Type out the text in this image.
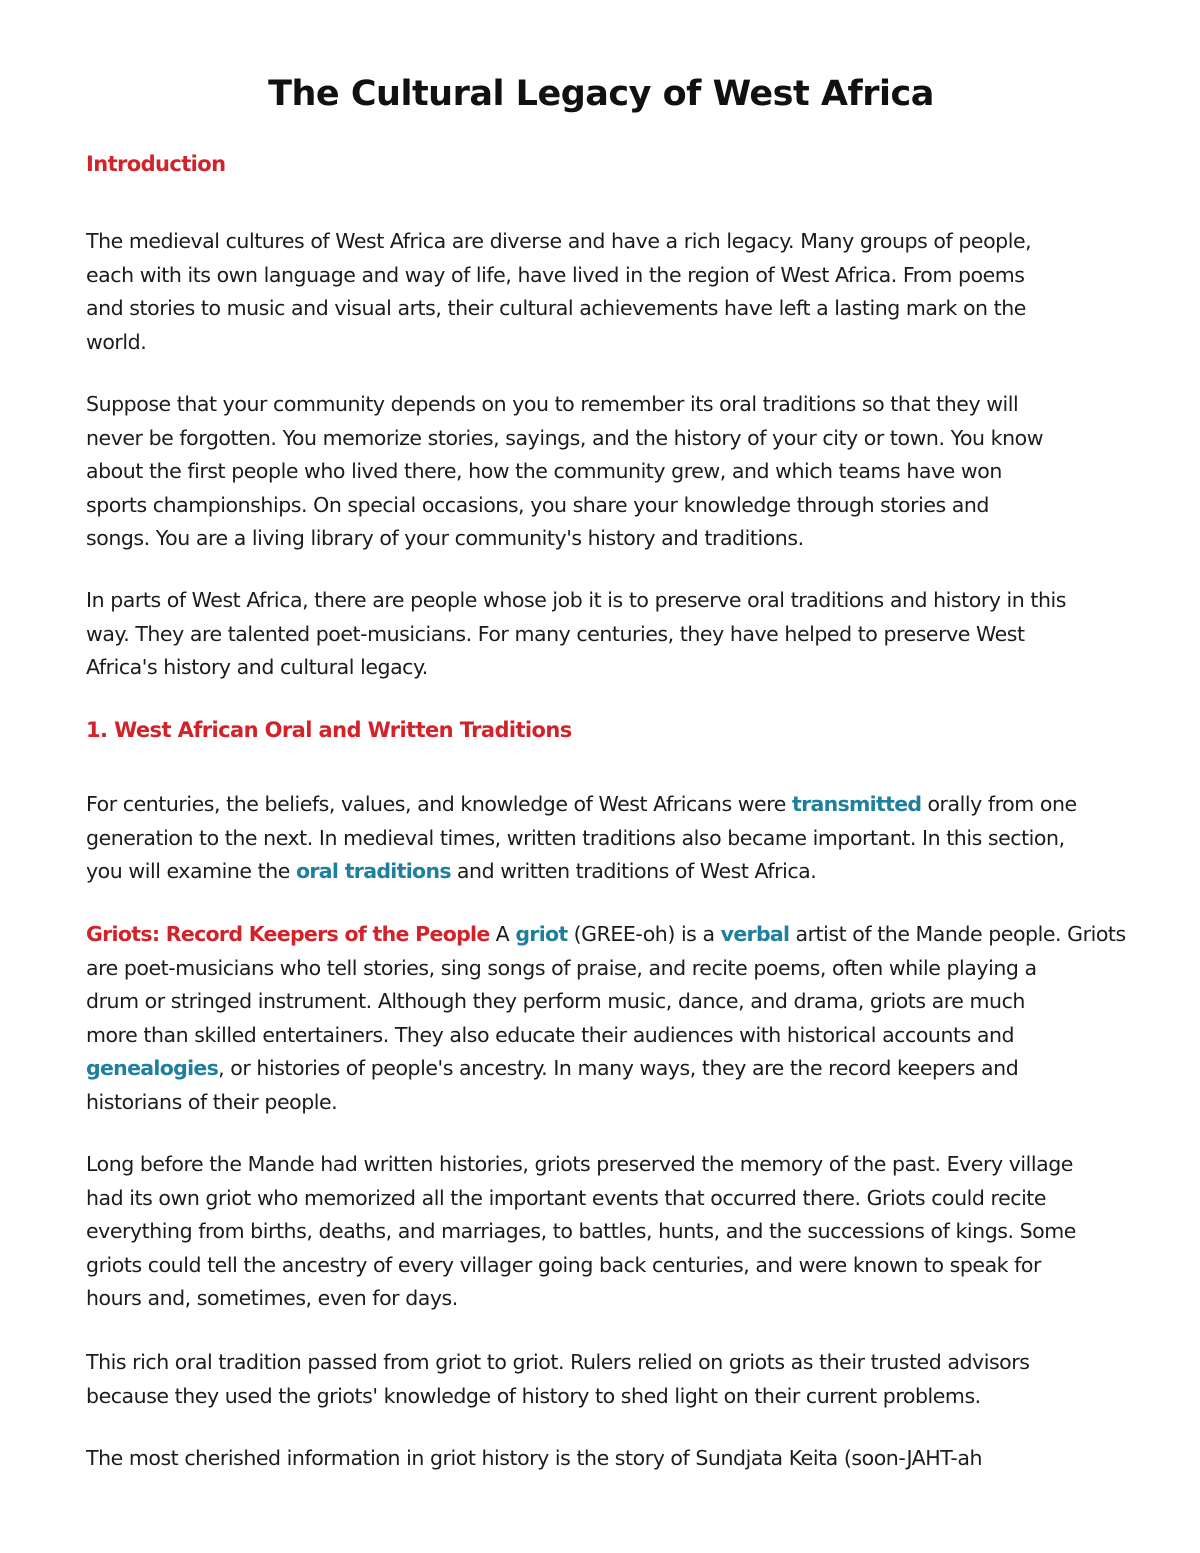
The Cultural Legacy of West Africa
Introduction

The medieval cultures of West Africa are diverse and have a rich legacy. Many groups of people,
each with its own language and way of life, have lived in the region of West Africa. From poems
and stories to music and visual arts, their cultural achievements have left a lasting mark on the
world.

Suppose that your community depends on you to remember its oral traditions so that they will
never be forgotten. You memorize stories, sayings, and the history of your city or town. You know
about the first people who lived there, how the community grew, and which teams have won
sports championships. On special occasions, you share your knowledge through stories and
songs. You are a living library of your community's history and traditions.

In parts of West Africa, there are people whose job it is to preserve oral traditions and history in this
way. They are talented poet-musicians. For many centuries, they have helped to preserve West
Africa's history and cultural legacy.

1. West African Oral and Written Traditions

For centuries, the beliefs, values, and knowledge of West Africans were transmitted orally from one
generation to the next. In medieval times, written traditions also became important. In this section,
you will examine the oral traditions and written traditions of West Africa.

Griots: Record Keepers of the People A griot (GREE-oh) is a verbal artist of the Mande people. Griots
are poet-musicians who tell stories, sing songs of praise, and recite poems, often while playing a
drum or stringed instrument. Although they perform music, dance, and drama, griots are much
more than skilled entertainers. They also educate their audiences with historical accounts and
genealogies, or histories of people's ancestry. In many ways, they are the record keepers and
historians of their people.

Long before the Mande had written histories, griots preserved the memory of the past. Every village
had its own griot who memorized all the important events that occurred there. Griots could recite
everything from births, deaths, and marriages, to battles, hunts, and the successions of kings. Some
griots could tell the ancestry of every villager going back centuries, and were known to speak for
hours and, sometimes, even for days.

This rich oral tradition passed from griot to griot. Rulers relied on griots as their trusted advisors
because they used the griots' knowledge of history to shed light on their current problems.

The most cherished information in griot history is the story of Sundjata Keita (soon-JAHT-ah
